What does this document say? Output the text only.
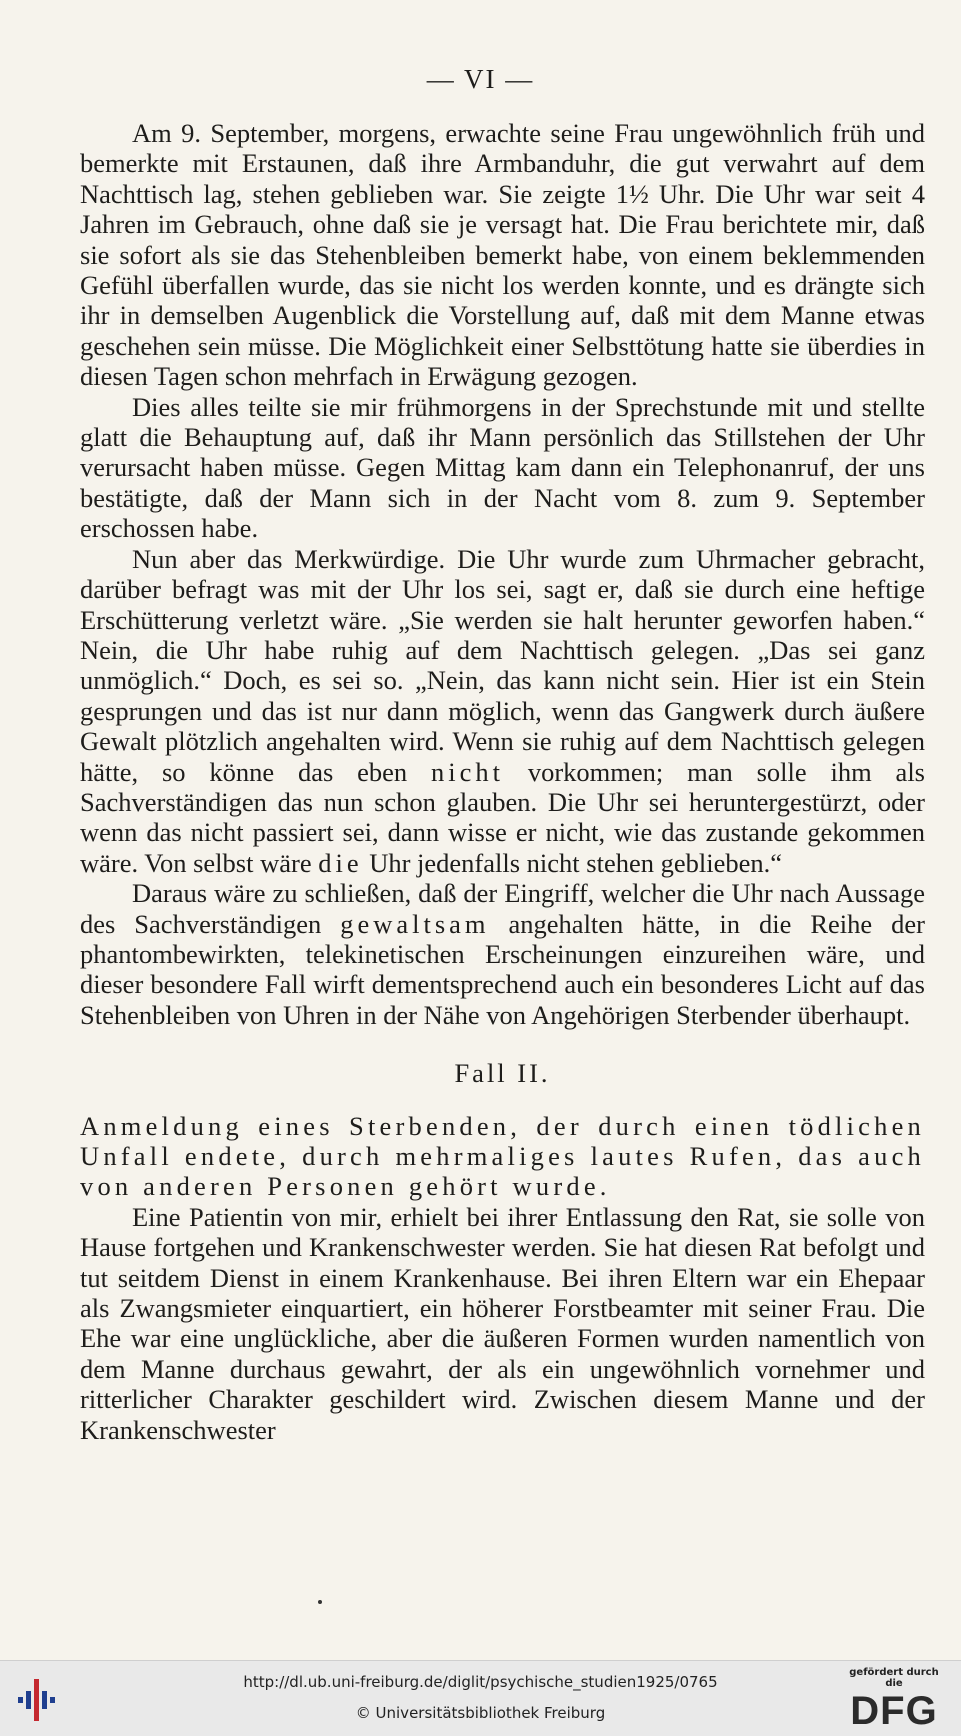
— VI —

Am 9. September, morgens, erwachte seine Frau ungewöhnlich früh und bemerkte mit Erstaunen, daß ihre Armbanduhr, die gut verwahrt auf dem Nachttisch lag, stehen geblieben war. Sie zeigte 1½ Uhr. Die Uhr war seit 4 Jahren im Gebrauch, ohne daß sie je versagt hat. Die Frau berichtete mir, daß sie sofort als sie das Stehenbleiben bemerkt habe, von einem beklemmenden Gefühl überfallen wurde, das sie nicht los werden konnte, und es drängte sich ihr in demselben Augenblick die Vorstellung auf, daß mit dem Manne etwas geschehen sein müsse. Die Möglichkeit einer Selbsttötung hatte sie überdies in diesen Tagen schon mehrfach in Erwägung gezogen.

Dies alles teilte sie mir frühmorgens in der Sprechstunde mit und stellte glatt die Behauptung auf, daß ihr Mann persönlich das Stillstehen der Uhr verursacht haben müsse. Gegen Mittag kam dann ein Telephonanruf, der uns bestätigte, daß der Mann sich in der Nacht vom 8. zum 9. September erschossen habe.

Nun aber das Merkwürdige. Die Uhr wurde zum Uhrmacher gebracht, darüber befragt was mit der Uhr los sei, sagt er, daß sie durch eine heftige Erschütterung verletzt wäre. „Sie werden sie halt herunter geworfen haben.“ Nein, die Uhr habe ruhig auf dem Nachttisch gelegen. „Das sei ganz unmöglich.“ Doch, es sei so. „Nein, das kann nicht sein. Hier ist ein Stein gesprungen und das ist nur dann möglich, wenn das Gangwerk durch äußere Gewalt plötzlich angehalten wird. Wenn sie ruhig auf dem Nachttisch gelegen hätte, so könne das eben nicht vorkommen; man solle ihm als Sachverständigen das nun schon glauben. Die Uhr sei heruntergestürzt, oder wenn das nicht passiert sei, dann wisse er nicht, wie das zustande gekommen wäre. Von selbst wäre die Uhr jedenfalls nicht stehen geblieben.“

Daraus wäre zu schließen, daß der Eingriff, welcher die Uhr nach Aussage des Sachverständigen gewaltsam angehalten hätte, in die Reihe der phantombewirkten, telekinetischen Erscheinungen einzureihen wäre, und dieser besondere Fall wirft dementsprechend auch ein besonderes Licht auf das Stehenbleiben von Uhren in der Nähe von Angehörigen Sterbender überhaupt.

Fall II.

Anmeldung eines Sterbenden, der durch einen tödlichen Unfall endete, durch mehrmaliges lautes Rufen, das auch von anderen Personen gehört wurde.

Eine Patientin von mir, erhielt bei ihrer Entlassung den Rat, sie solle von Hause fortgehen und Krankenschwester werden. Sie hat diesen Rat befolgt und tut seitdem Dienst in einem Krankenhause. Bei ihren Eltern war ein Ehepaar als Zwangsmieter einquartiert, ein höherer Forstbeamter mit seiner Frau. Die Ehe war eine unglückliche, aber die äußeren Formen wurden namentlich von dem Manne durchaus gewahrt, der als ein ungewöhnlich vornehmer und ritterlicher Charakter geschildert wird. Zwischen diesem Manne und der Krankenschwester

http://dl.ub.uni-freiburg.de/diglit/psychische_studien1925/0765
© Universitätsbibliothek Freiburg
gefördert durch die
DFG
